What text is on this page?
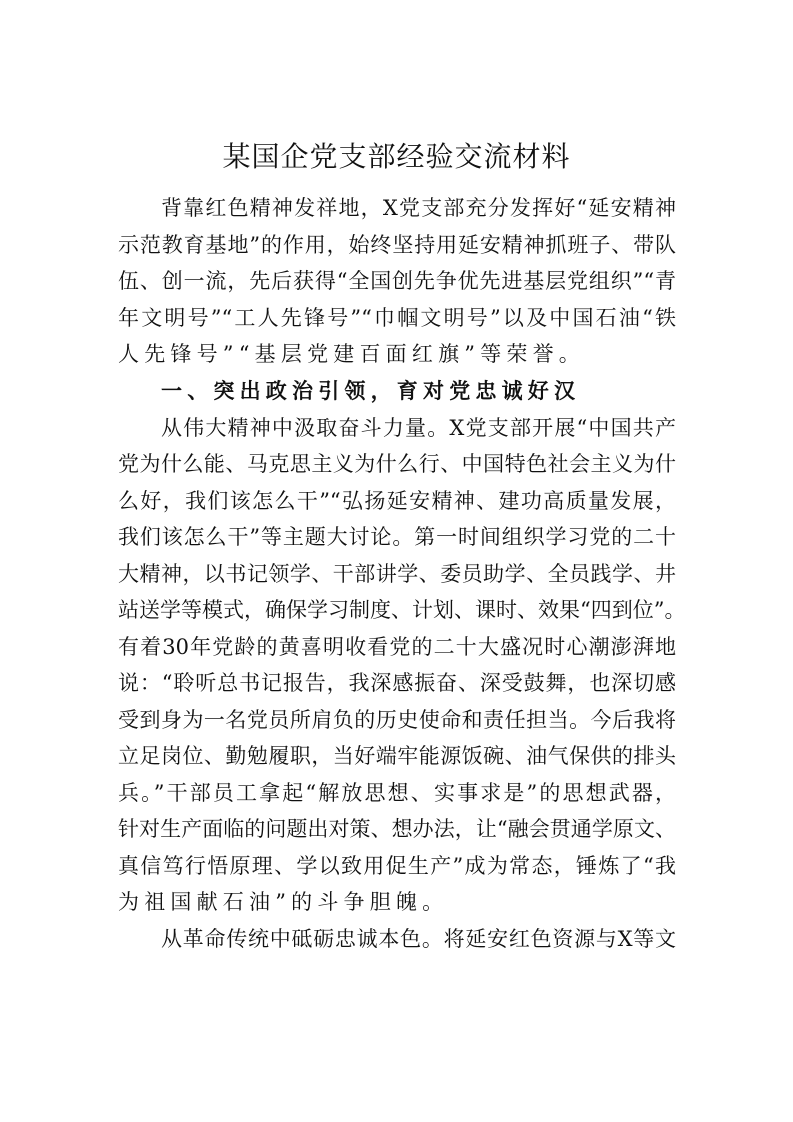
某国企党支部经验交流材料
背靠红色精神发祥地，X党支部充分发挥好“延安精神
示范教育基地”的作用，始终坚持用延安精神抓班子、带队
伍、创一流，先后获得“全国创先争优先进基层党组织”“青
年文明号”“工人先锋号”“巾帼文明号”以及中国石油“铁
人先锋号”“基层党建百面红旗”等荣誉。
一、突出政治引领，育对党忠诚好汉
从伟大精神中汲取奋斗力量。X党支部开展“中国共产
党为什么能、马克思主义为什么行、中国特色社会主义为什
么好，我们该怎么干”“弘扬延安精神、建功高质量发展，
我们该怎么干”等主题大讨论。第一时间组织学习党的二十
大精神，以书记领学、干部讲学、委员助学、全员践学、井
站送学等模式，确保学习制度、计划、课时、效果“四到位”。
有着30年党龄的黄喜明收看党的二十大盛况时心潮澎湃地
说：“聆听总书记报告，我深感振奋、深受鼓舞，也深切感
受到身为一名党员所肩负的历史使命和责任担当。今后我将
立足岗位、勤勉履职，当好端牢能源饭碗、油气保供的排头
兵。”干部员工拿起“解放思想、实事求是”的思想武器，
针对生产面临的问题出对策、想办法，让“融会贯通学原文、
真信笃行悟原理、学以致用促生产”成为常态，锤炼了“我
为祖国献石油”的斗争胆魄。
从革命传统中砥砺忠诚本色。将延安红色资源与X等文
